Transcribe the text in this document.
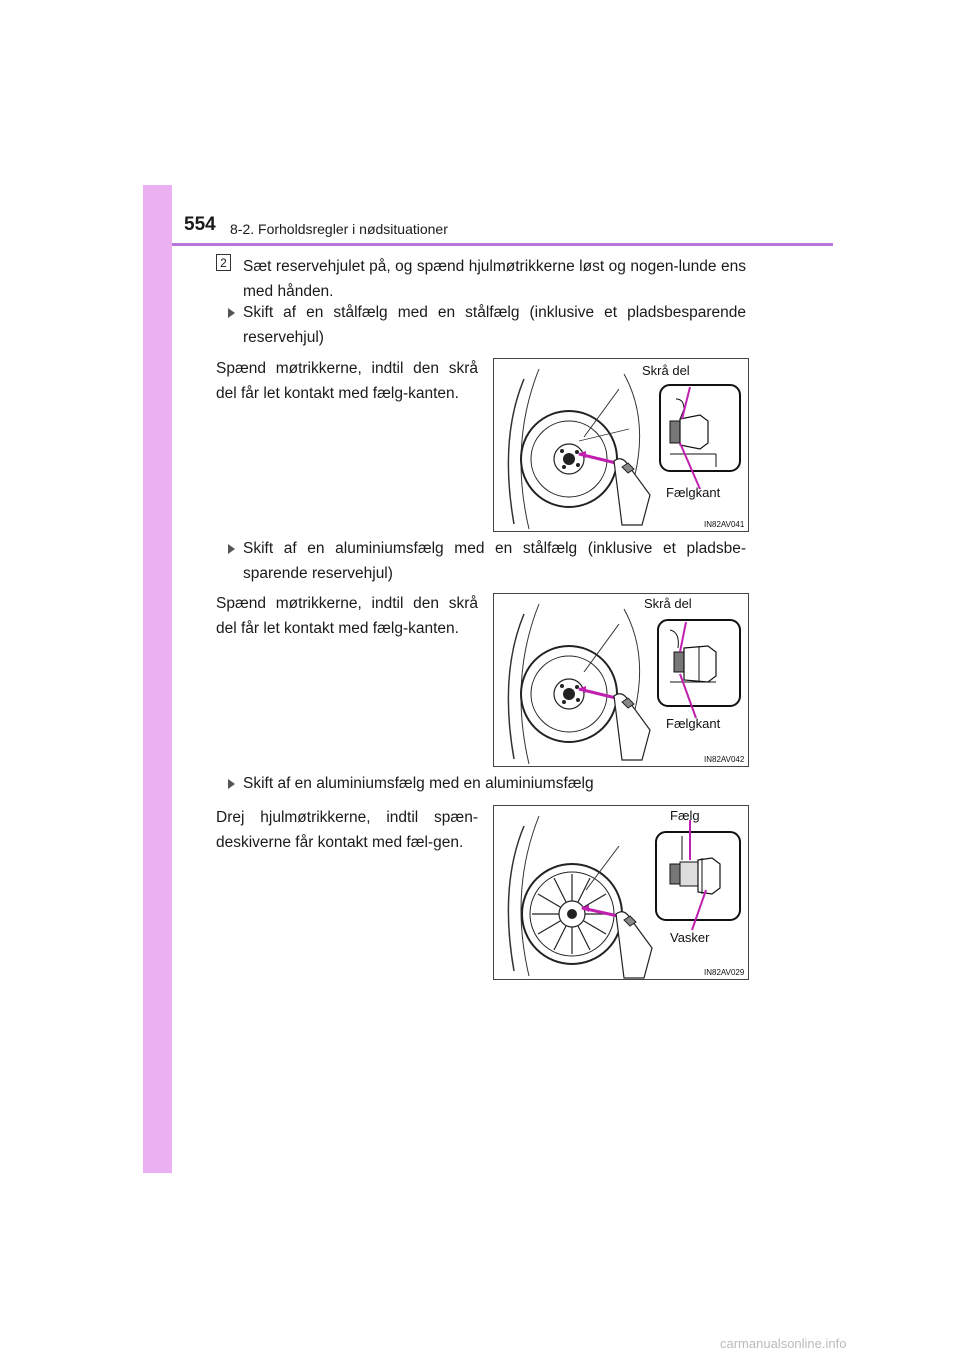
554 8-2. Forholdsregler i nødsituationer
2 Sæt reservehjulet på, og spænd hjulmøtrikkerne løst og nogen-lunde ens med hånden.
Skift af en stålfælg med en stålfælg (inklusive et pladsbesparende reservehjul)
Spænd møtrikkerne, indtil den skrå del får let kontakt med fælg-kanten.
Skrå del
Fælgkant
IN82AV041
Skift af en aluminiumsfælg med en stålfælg (inklusive et pladsbe-sparende reservehjul)
Spænd møtrikkerne, indtil den skrå del får let kontakt med fælg-kanten.
Skrå del
Fælgkant
IN82AV042
Skift af en aluminiumsfælg med en aluminiumsfælg
Drej hjulmøtrikkerne, indtil spæn-deskiverne får kontakt med fæl-gen.
Fælg
Vasker
IN82AV029
carmanualsonline.info
